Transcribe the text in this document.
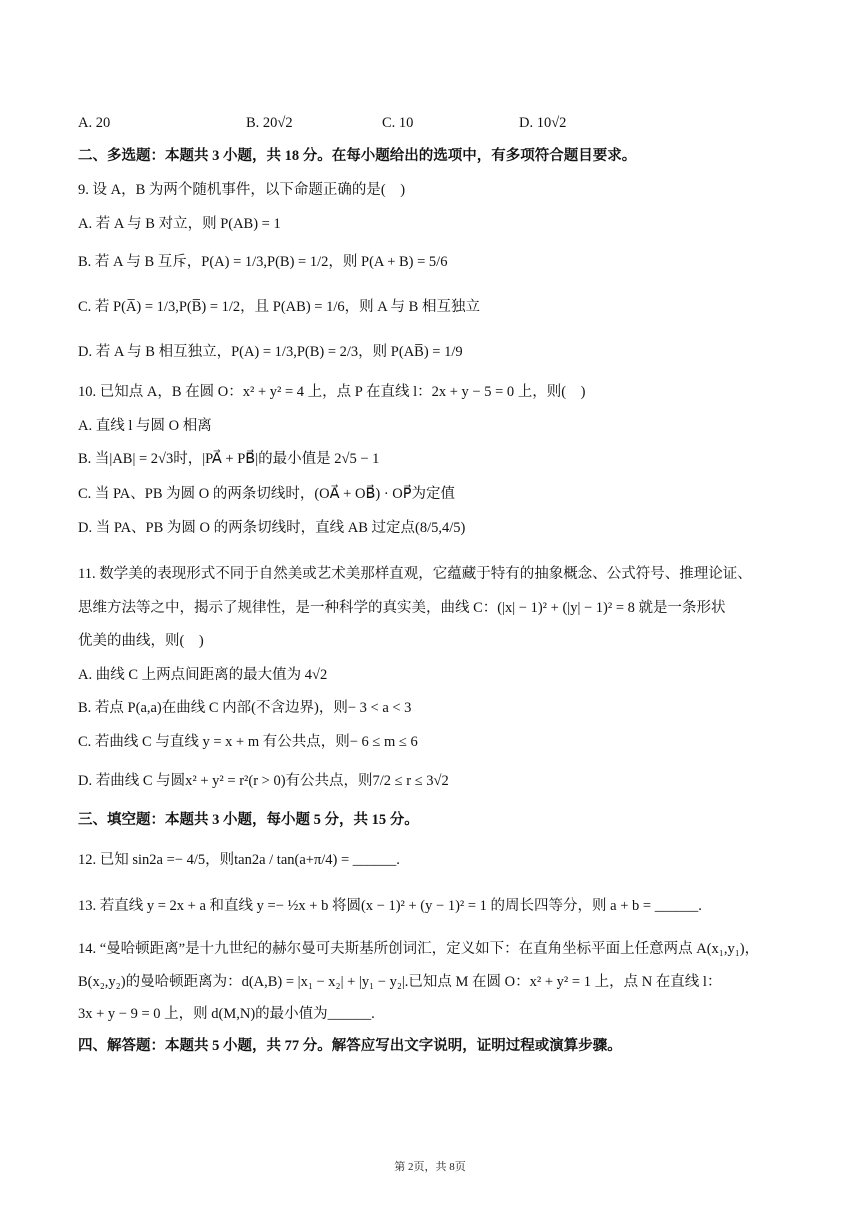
A. 20	B. 20√2	C. 10	D. 10√2
二、多选题：本题共 3 小题，共 18 分。在每小题给出的选项中，有多项符合题目要求。
9. 设 A，B 为两个随机事件，以下命题正确的是(　)
A. 若 A 与 B 对立，则 P(AB) = 1
B. 若 A 与 B 互斥，P(A) = 1/3,P(B) = 1/2，则 P(A + B) = 5/6
C. 若 P(A̅) = 1/3,P(B̅) = 1/2，且 P(AB) = 1/6，则 A 与 B 相互独立
D. 若 A 与 B 相互独立，P(A) = 1/3,P(B) = 2/3，则 P(AB̅) = 1/9
10. 已知点 A，B 在圆 O：x² + y² = 4 上，点 P 在直线 l：2x + y − 5 = 0 上，则(　)
A. 直线 l 与圆 O 相离
B. 当|AB| = 2√3时，|PA⃗ + PB⃗|的最小值是 2√5 − 1
C. 当 PA、PB 为圆 O 的两条切线时，(OA⃗ + OB⃗) · OP⃗为定值
D. 当 PA、PB 为圆 O 的两条切线时，直线 AB 过定点(8/5,4/5)
11. 数学美的表现形式不同于自然美或艺术美那样直观，它蕴藏于特有的抽象概念、公式符号、推理论证、
思维方法等之中，揭示了规律性，是一种科学的真实美，曲线 C：(|x| − 1)² + (|y| − 1)² = 8 就是一条形状
优美的曲线，则(　)
A. 曲线 C 上两点间距离的最大值为 4√2
B. 若点 P(a,a)在曲线 C 内部(不含边界)，则− 3 < a < 3
C. 若曲线 C 与直线 y = x + m 有公共点，则− 6 ≤ m ≤ 6
D. 若曲线 C 与圆x² + y² = r²(r > 0)有公共点，则7/2 ≤ r ≤ 3√2
三、填空题：本题共 3 小题，每小题 5 分，共 15 分。
12. 已知 sin2a =− 4/5，则tan2a / tan(a+π/4) = ______.
13. 若直线 y = 2x + a 和直线 y =− ½x + b 将圆(x − 1)² + (y − 1)² = 1 的周长四等分，则 a + b = ______.
14. “曼哈顿距离”是十九世纪的赫尔曼可夫斯基所创词汇，定义如下：在直角坐标平面上任意两点 A(x₁,y₁)，
B(x₂,y₂)的曼哈顿距离为：d(A,B) = |x₁ − x₂| + |y₁ − y₂|.已知点 M 在圆 O：x² + y² = 1 上，点 N 在直线 l：
3x + y − 9 = 0 上，则 d(M,N)的最小值为______.
四、解答题：本题共 5 小题，共 77 分。解答应写出文字说明，证明过程或演算步骤。
第 2页，共 8页
